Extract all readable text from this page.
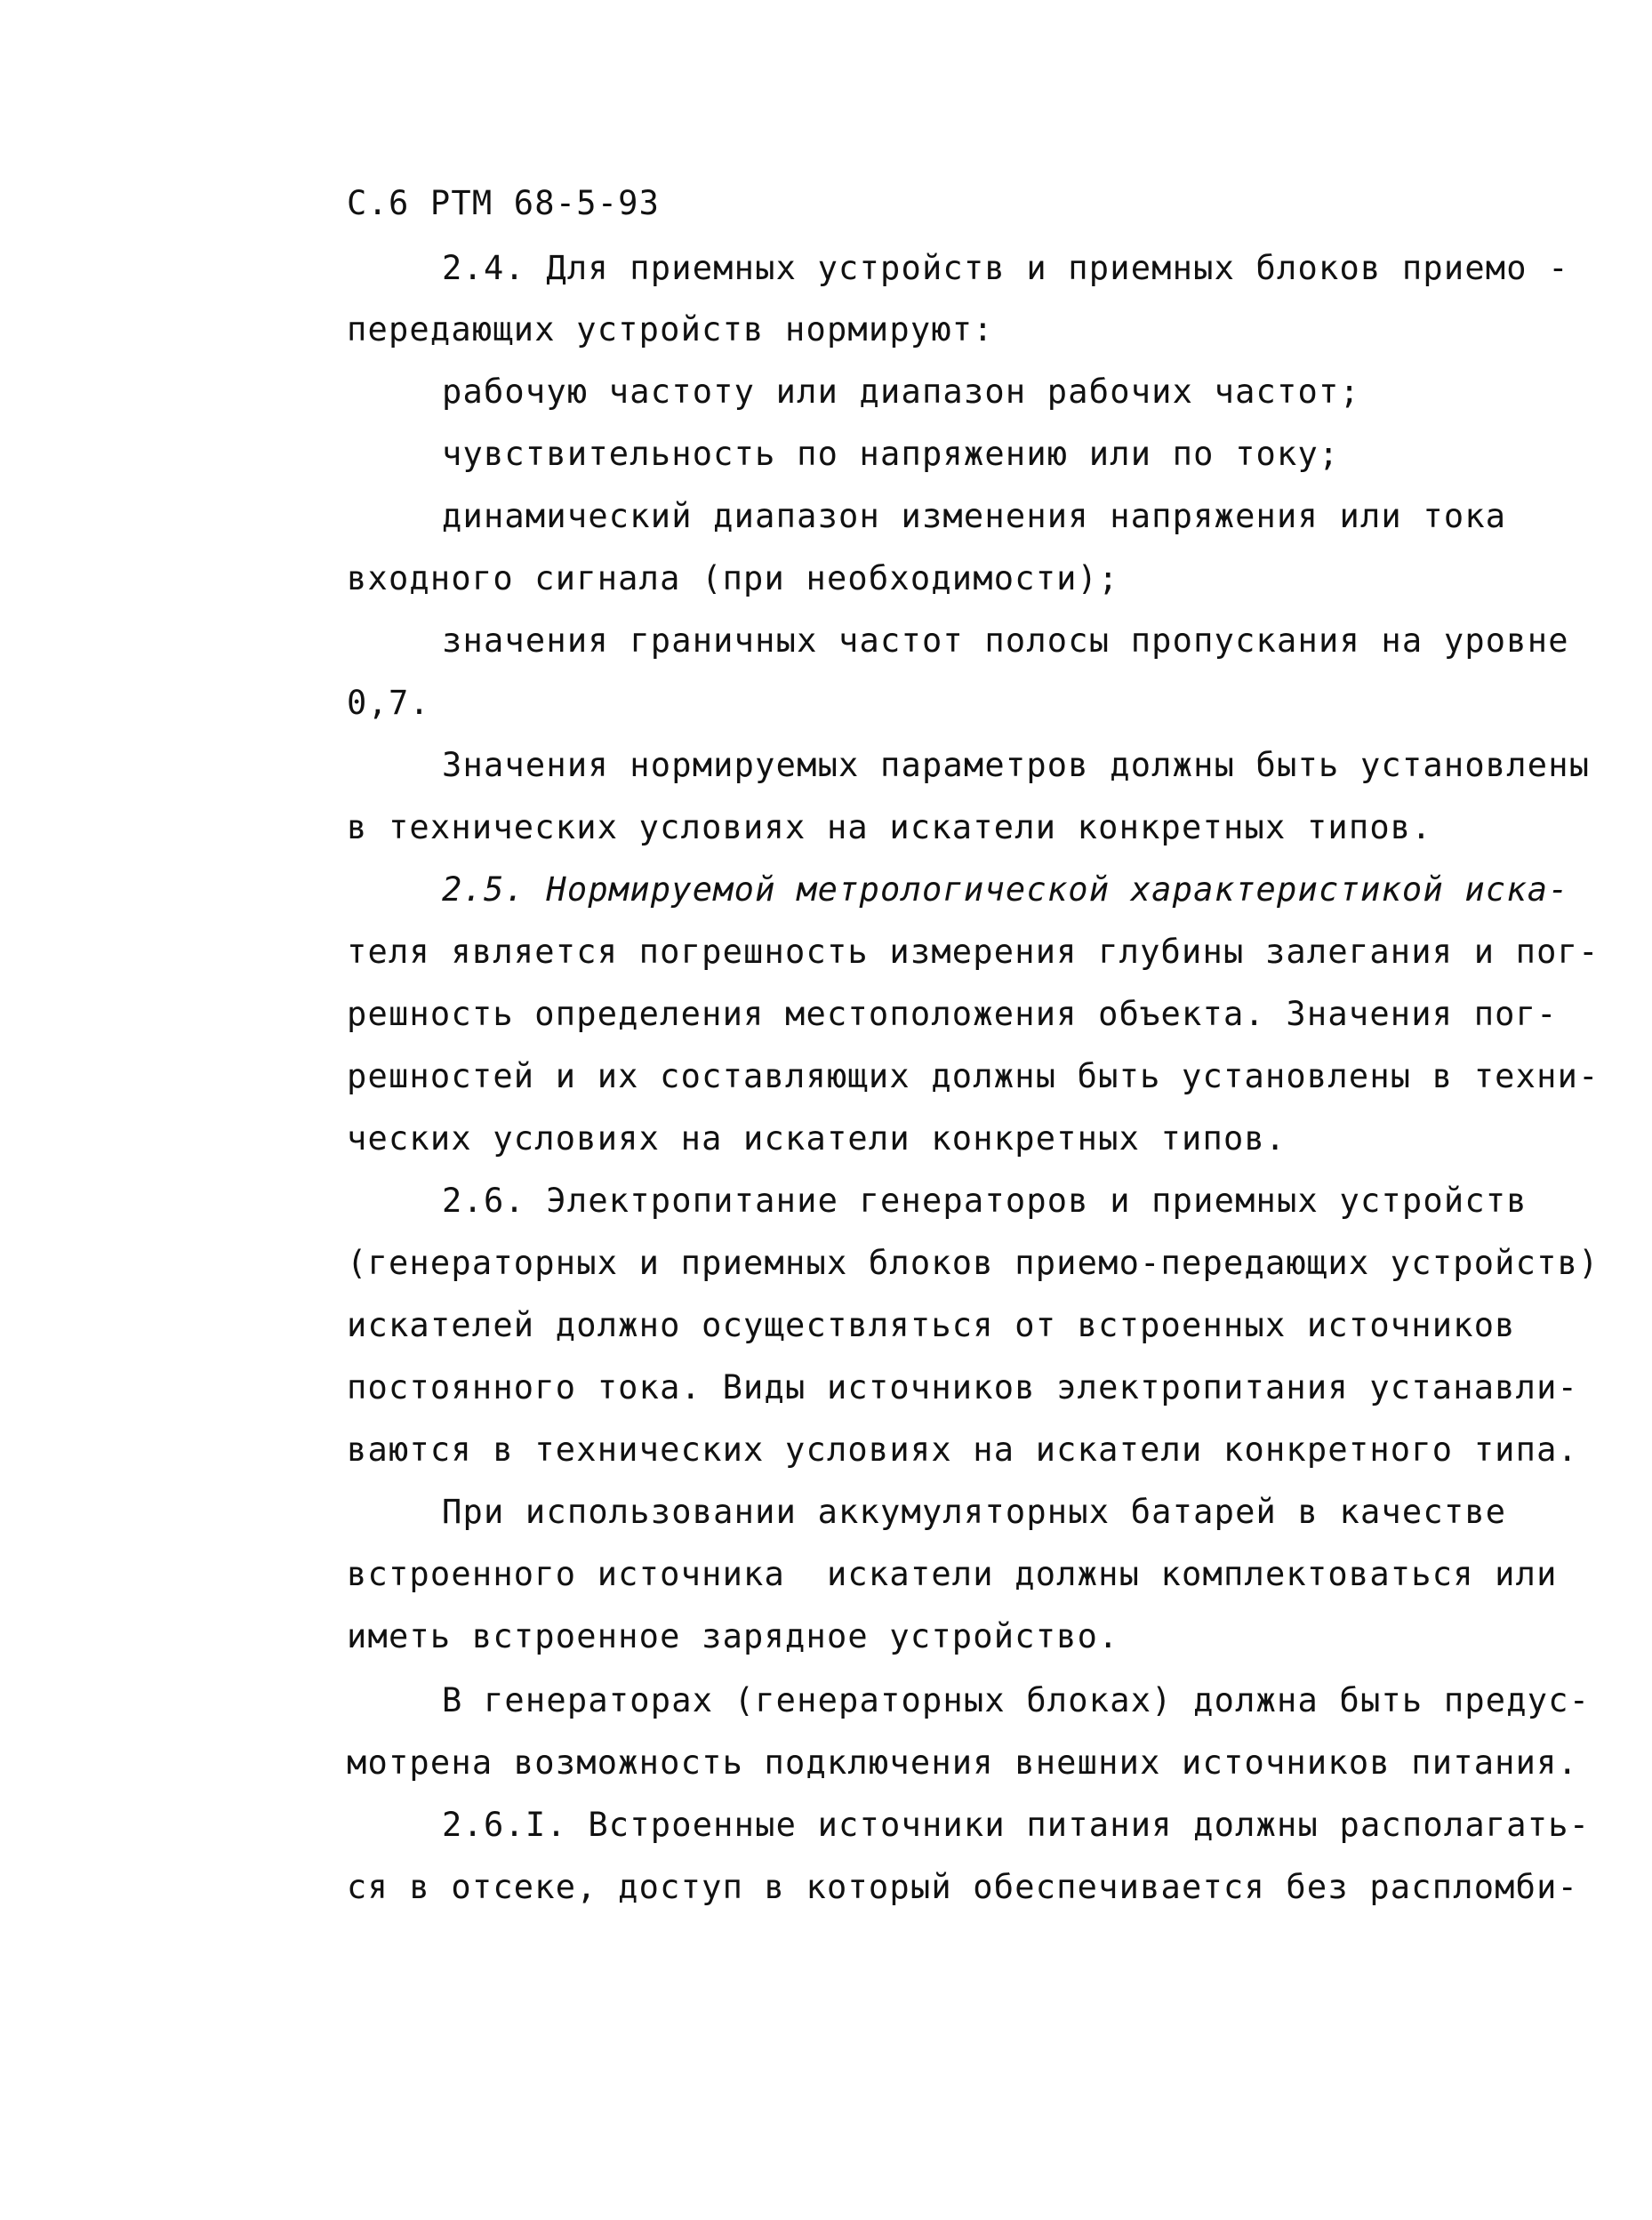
С.6 РТМ 68-5-93
2.4. Для приемных устройств и приемных блоков приемо -
передающих устройств нормируют:
рабочую частоту или диапазон рабочих частот;
чувствительность по напряжению или по току;
динамический диапазон изменения напряжения или тока
входного сигнала (при необходимости);
значения граничных частот полосы пропускания на уровне
0,7.
Значения нормируемых параметров должны быть установлены
в технических условиях на искатели конкретных типов.
2.5. Нормируемой метрологической характеристикой иска-
теля является погрешность измерения глубины залегания и пог-
решность определения местоположения объекта. Значения пог-
решностей и их составляющих должны быть установлены в техни-
ческих условиях на искатели конкретных типов.
2.6. Электропитание генераторов и приемных устройств
(генераторных и приемных блоков приемо-передающих устройств)
искателей должно осуществляться от встроенных источников
постоянного тока. Виды источников электропитания устанавли-
ваются в технических условиях на искатели конкретного типа.
При использовании аккумуляторных батарей в качестве
встроенного источника  искатели должны комплектоваться или
иметь встроенное зарядное устройство.
В генераторах (генераторных блоках) должна быть предус-
мотрена возможность подключения внешних источников питания.
2.6.I. Встроенные источники питания должны располагать-
ся в отсеке, доступ в который обеспечивается без распломби-
